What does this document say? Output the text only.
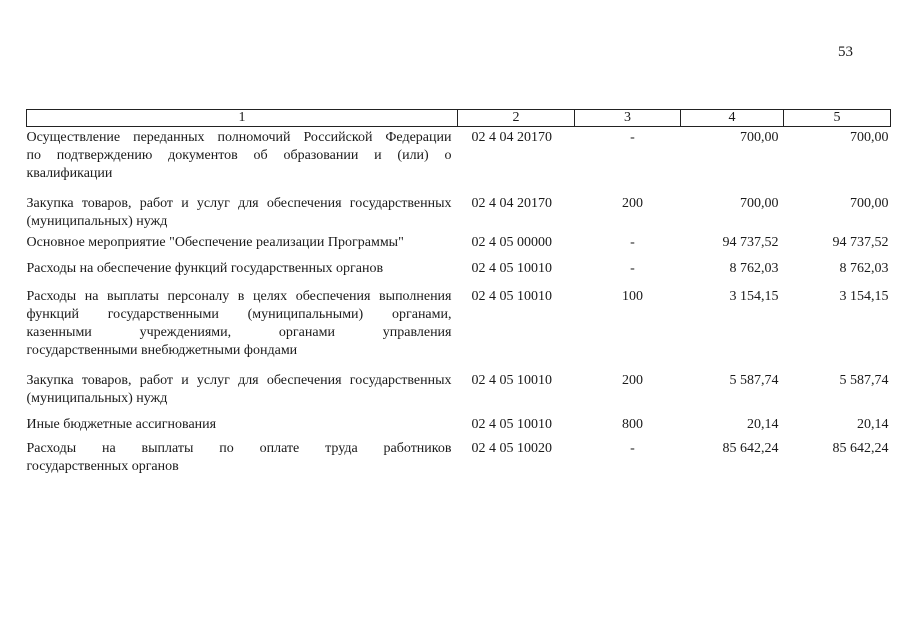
53
1	2	3	4	5

Осуществление переданных полномочий Российской Федерации
по подтверждению документов об образовании и (или) о
квалификации	02 4 04 20170	-	700,00	700,00

Закупка товаров, работ и услуг для обеспечения государственных
(муниципальных) нужд	02 4 04 20170	200	700,00	700,00
Основное мероприятие "Обеспечение реализации Программы"	02 4 05 00000	-	94 737,52	94 737,52
Расходы на обеспечение функций государственных органов	02 4 05 10010	-	8 762,03	8 762,03

Расходы на выплаты персоналу в целях обеспечения выполнения
функций государственными (муниципальными) органами,
казенными учреждениями, органами управления
государственными внебюджетными фондами	02 4 05 10010	100	3 154,15	3 154,15

Закупка товаров, работ и услуг для обеспечения государственных
(муниципальных) нужд	02 4 05 10010	200	5 587,74	5 587,74
Иные бюджетные ассигнования	02 4 05 10010	800	20,14	20,14

Расходы на выплаты по оплате труда работников
государственных органов	02 4 05 10020	-	85 642,24	85 642,24
